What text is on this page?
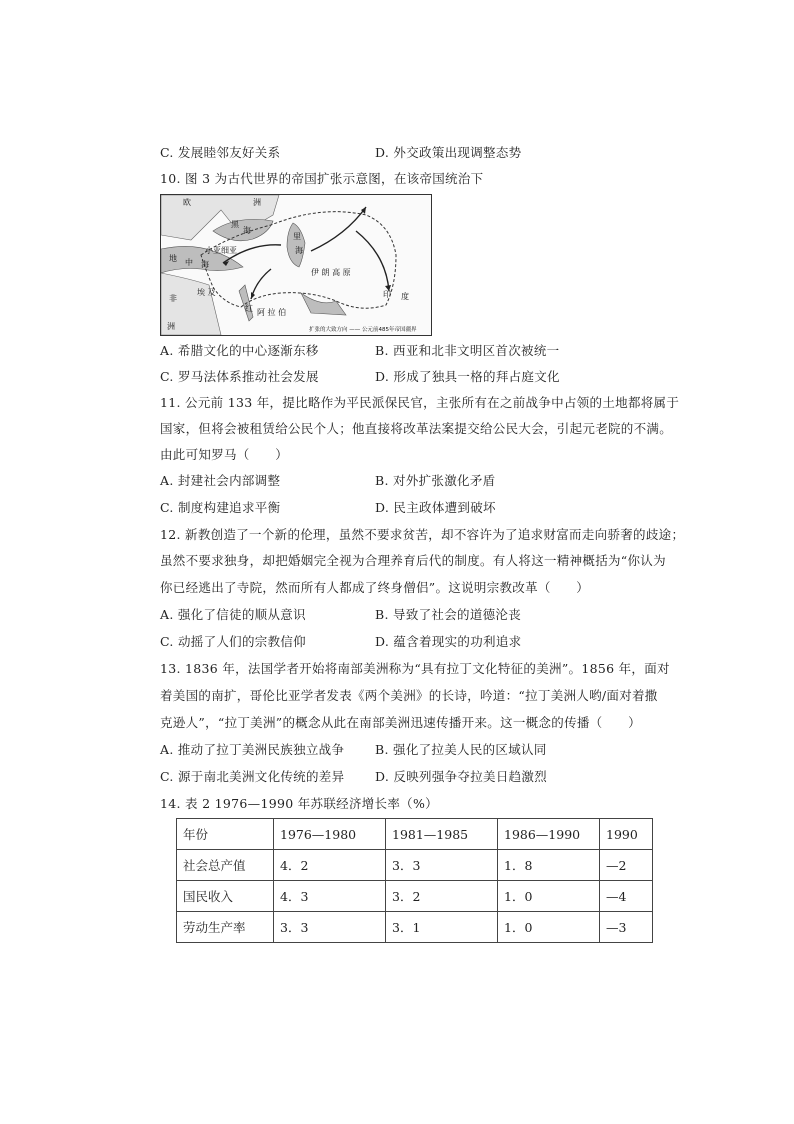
C. 发展睦邻友好关系	D. 外交政策出现调整态势
10. 图 3 为古代世界的帝国扩张示意图，在该帝国统治下
欧	洲
黑
海
里
海
小亚细亚
地 中 海
伊 朗 高 原
印 度
非
洲
埃 及
红 阿 拉 伯
扩张的大致方向 —— 公元前485年帝国疆界
A. 希腊文化的中心逐渐东移	B. 西亚和北非文明区首次被统一
C. 罗马法体系推动社会发展	D. 形成了独具一格的拜占庭文化
11. 公元前 133 年，提比略作为平民派保民官，主张所有在之前战争中占领的土地都将属于
国家，但将会被租赁给公民个人；他直接将改革法案提交给公民大会，引起元老院的不满。
由此可知罗马（　　）
A. 封建社会内部调整	B. 对外扩张激化矛盾
C. 制度构建追求平衡	D. 民主政体遭到破坏
12. 新教创造了一个新的伦理，虽然不要求贫苦，却不容许为了追求财富而走向骄奢的歧途；
虽然不要求独身，却把婚姻完全视为合理养育后代的制度。有人将这一精神概括为“你认为
你已经逃出了寺院，然而所有人都成了终身僧侣”。这说明宗教改革（　　）
A. 强化了信徒的顺从意识	B. 导致了社会的道德沦丧
C. 动摇了人们的宗教信仰	D. 蕴含着现实的功利追求
13. 1836 年，法国学者开始将南部美洲称为“具有拉丁文化特征的美洲”。1856 年，面对
着美国的南扩，哥伦比亚学者发表《两个美洲》的长诗，吟道：“拉丁美洲人哟/面对着撒
克逊人”，“拉丁美洲”的概念从此在南部美洲迅速传播开来。这一概念的传播（　　）
A. 推动了拉丁美洲民族独立战争 B. 强化了拉美人民的区域认同
C. 源于南北美洲文化传统的差异 D. 反映列强争夺拉美日趋激烈
14. 表 2 1976—1990 年苏联经济增长率（%）
年份	1976—1980	1981—1985	1986—1990	1990
社会总产值	4．2	3．3	1．8	—2
国民收入	4．3	3．2	1．0	—4
劳动生产率	3．3	3．1	1．0	—3
